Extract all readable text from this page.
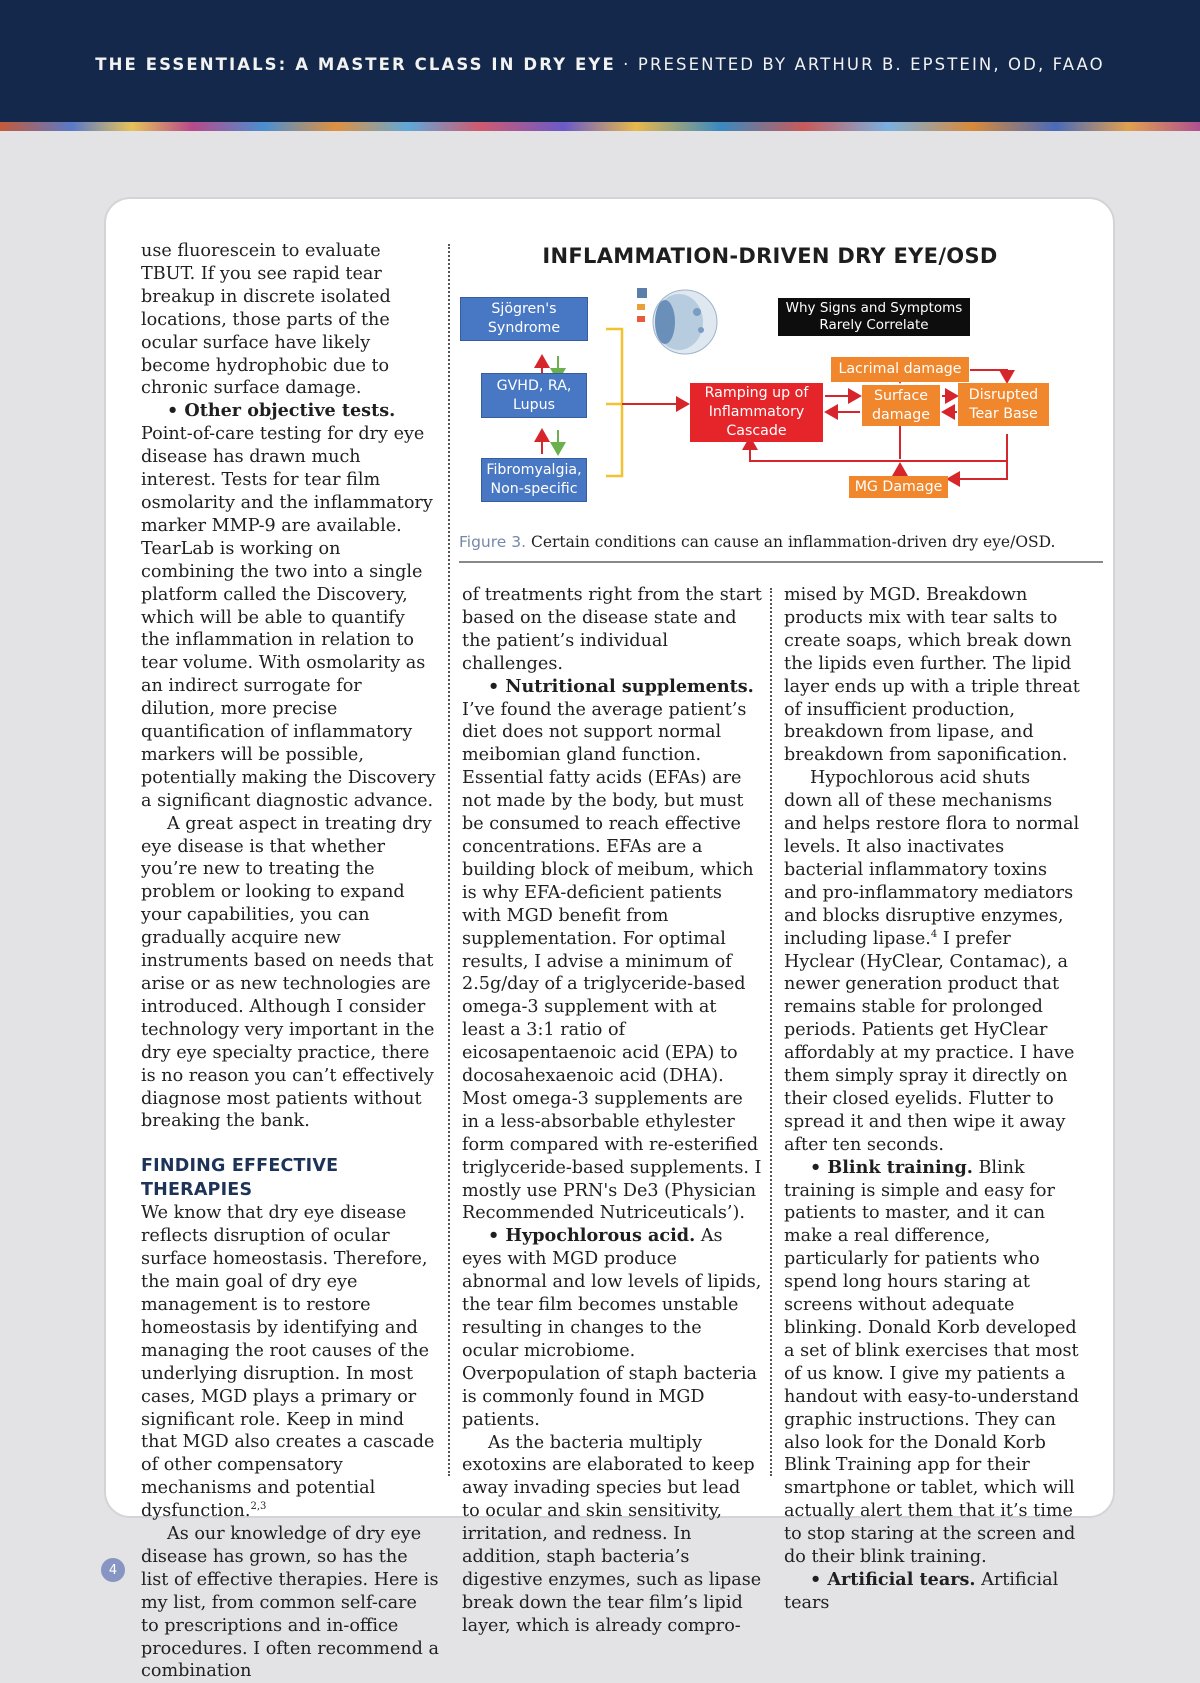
THE ESSENTIALS: A MASTER CLASS IN DRY EYE · PRESENTED BY ARTHUR B. EPSTEIN, OD, FAAO

use fluorescein to evaluate TBUT. If you see rapid tear breakup in discrete isolated locations, those parts of the ocular surface have likely become hydrophobic due to chronic surface damage.

• Other objective tests. Point-of-care testing for dry eye disease has drawn much interest. Tests for tear film osmolarity and the inflammatory marker MMP-9 are available. TearLab is working on combining the two into a single platform called the Discovery, which will be able to quantify the inflammation in relation to tear volume. With osmolarity as an indirect surrogate for dilution, more precise quantification of inflammatory markers will be possible, potentially making the Discovery a significant diagnostic advance.

A great aspect in treating dry eye disease is that whether you’re new to treating the problem or looking to expand your capabilities, you can gradually acquire new instruments based on needs that arise or as new technologies are introduced. Although I consider technology very important in the dry eye specialty practice, there is no reason you can’t effectively diagnose most patients without breaking the bank.

FINDING EFFECTIVE THERAPIES

We know that dry eye disease reflects disruption of ocular surface homeostasis. Therefore, the main goal of dry eye management is to restore homeostasis by identifying and managing the root causes of the underlying disruption. In most cases, MGD plays a primary or significant role. Keep in mind that MGD also creates a cascade of other compensatory mechanisms and potential dysfunction.$^{2,3}$

As our knowledge of dry eye disease has grown, so has the list of effective therapies. Here is my list, from common self-care to prescriptions and in-office procedures. I often recommend a combination

INFLAMMATION-DRIVEN DRY EYE/OSD
Sjögren's Syndrome
GVHD, RA, Lupus
Fibromyalgia, Non-specific
Ramping up of Inflammatory Cascade
Why Signs and Symptoms Rarely Correlate
Lacrimal damage
Surface damage
Disrupted Tear Base
MG Damage
Figure 3. Certain conditions can cause an inflammation-driven dry eye/OSD.

of treatments right from the start based on the disease state and the patient’s individual challenges.

• Nutritional supplements. I’ve found the average patient’s diet does not support normal meibomian gland function. Essential fatty acids (EFAs) are not made by the body, but must be consumed to reach effective concentrations. EFAs are a building block of meibum, which is why EFA-deficient patients with MGD benefit from supplementation. For optimal results, I advise a minimum of 2.5g/day of a triglyceride-based omega-3 supplement with at least a 3:1 ratio of eicosapentaenoic acid (EPA) to docosahexaenoic acid (DHA). Most omega-3 supplements are in a less-absorbable ethylester form compared with re-esterified triglyceride-based supplements. I mostly use PRN's De3 (Physician Recommended Nutriceuticals’).

• Hypochlorous acid. As eyes with MGD produce abnormal and low levels of lipids, the tear film becomes unstable resulting in changes to the ocular microbiome. Overpopulation of staph bacteria is commonly found in MGD patients.

As the bacteria multiply exotoxins are elaborated to keep away invading species but lead to ocular and skin sensitivity, irritation, and redness. In addition, staph bacteria’s digestive enzymes, such as lipase break down the tear film’s lipid layer, which is already compro-

mised by MGD. Breakdown products mix with tear salts to create soaps, which break down the lipids even further. The lipid layer ends up with a triple threat of insufficient production, breakdown from lipase, and breakdown from saponification.

Hypochlorous acid shuts down all of these mechanisms and helps restore flora to normal levels. It also inactivates bacterial inflammatory toxins and pro-inflammatory mediators and blocks disruptive enzymes, including lipase.$^4$ I prefer Hyclear (HyClear, Contamac), a newer generation product that remains stable for prolonged periods. Patients get HyClear affordably at my practice. I have them simply spray it directly on their closed eyelids. Flutter to spread it and then wipe it away after ten seconds.

• Blink training. Blink training is simple and easy for patients to master, and it can make a real difference, particularly for patients who spend long hours staring at screens without adequate blinking. Donald Korb developed a set of blink exercises that most of us know. I give my patients a handout with easy-to-understand graphic instructions. They can also look for the Donald Korb Blink Training app for their smartphone or tablet, which will actually alert them that it’s time to stop staring at the screen and do their blink training.

• Artificial tears. Artificial tears

4
